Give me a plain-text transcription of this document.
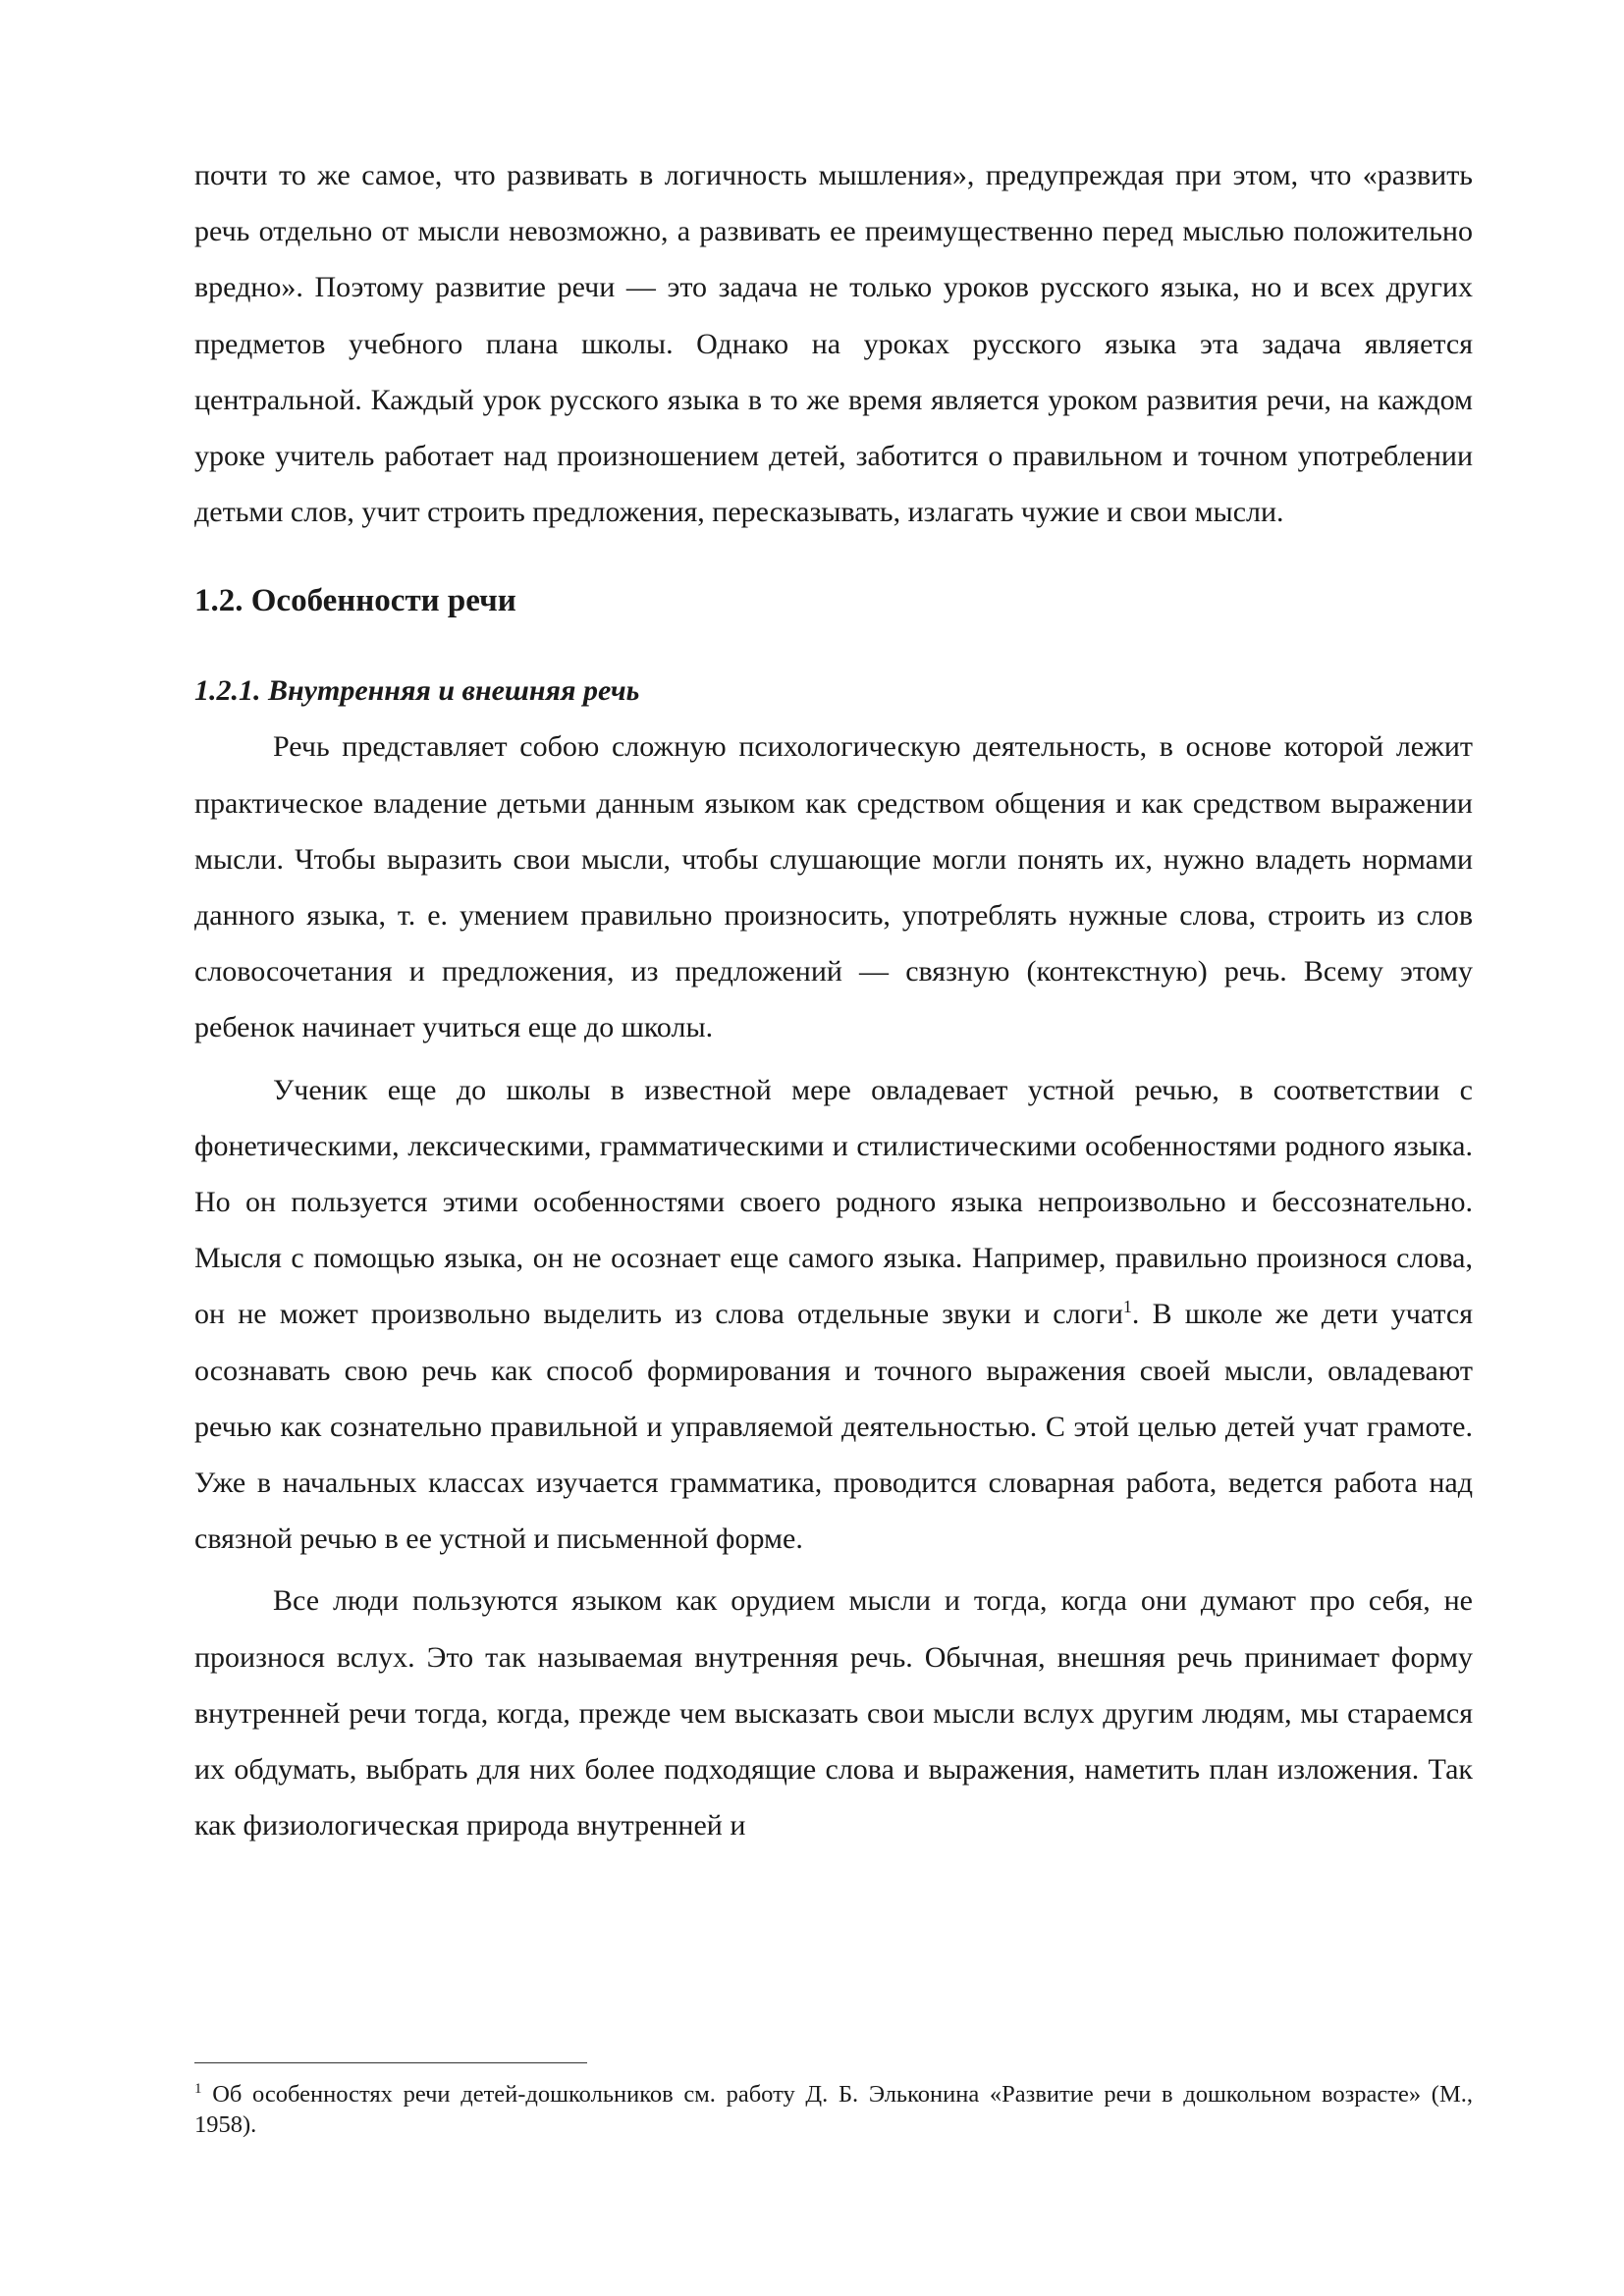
почти то же самое, что развивать в логичность мышления», предупреждая при этом, что «развить речь отдельно от мысли невозможно, а развивать ее преимущественно перед мыслью положительно вредно». Поэтому развитие речи — это задача не только уроков русского языка, но и всех других предметов учебного плана школы. Однако на уроках русского языка эта задача является центральной. Каждый урок русского языка в то же время является уроком развития речи, на каждом уроке учитель работает над произношением детей, заботится о правильном и точном употреблении детьми слов, учит строить предложения, пересказывать, излагать чужие и свои мысли.

1.2. Особенности речи
1.2.1. Внутренняя и внешняя речь

Речь представляет собою сложную психологическую деятельность, в основе которой лежит практическое владение детьми данным языком как средством общения и как средством выражении мысли. Чтобы выразить свои мысли, чтобы слушающие могли понять их, нужно владеть нормами данного языка, т. е. умением правильно произносить, употреблять нужные слова, строить из слов словосочетания и предложения, из предложений — связную (контекстную) речь. Всему этому ребенок начинает учиться еще до школы.

Ученик еще до школы в известной мере овладевает устной речью, в соответствии с фонетическими, лексическими, грамматическими и стилистическими особенностями родного языка. Но он пользуется этими особенностями своего родного языка непроизвольно и бессознательно. Мысля с помощью языка, он не осознает еще самого языка. Например, правильно произнося слова, он не может произвольно выделить из слова отдельные звуки и слоги$^1$. В школе же дети учатся осознавать свою речь как способ формирования и точного выражения своей мысли, овладевают речью как сознательно правильной и управляемой деятельностью. С этой целью детей учат грамоте. Уже в начальных классах изучается грамматика, проводится словарная работа, ведется работа над связной речью в ее устной и письменной форме.

Все люди пользуются языком как орудием мысли и тогда, когда они думают про себя, не произнося вслух. Это так называемая внутренняя речь. Обычная, внешняя речь принимает форму внутренней речи тогда, когда, прежде чем высказать свои мысли вслух другим людям, мы стараемся их обдумать, выбрать для них более подходящие слова и выражения, наметить план изложения. Так как физиологическая природа внутренней и

$^1$ Об особенностях речи детей-дошкольников см. работу Д. Б. Эльконина «Развитие речи в дошкольном возрасте» (М., 1958).
